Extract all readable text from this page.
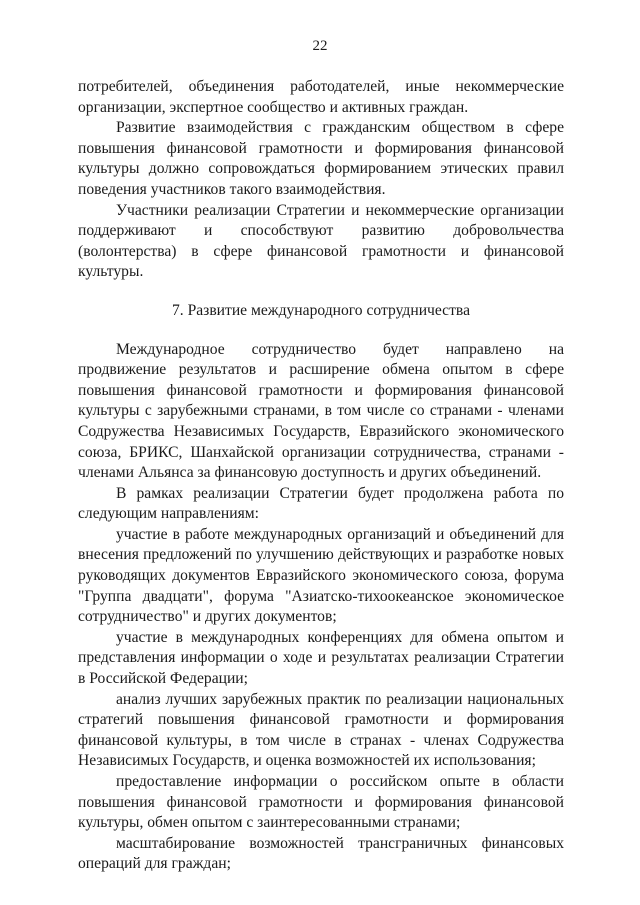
22

потребителей, объединения работодателей, иные некоммерческие организации, экспертное сообщество и активных граждан.

Развитие взаимодействия с гражданским обществом в сфере повышения финансовой грамотности и формирования финансовой культуры должно сопровождаться формированием этических правил поведения участников такого взаимодействия.

Участники реализации Стратегии и некоммерческие организации поддерживают и способствуют развитию добровольчества (волонтерства) в сфере финансовой грамотности и финансовой культуры.

7. Развитие международного сотрудничества

Международное сотрудничество будет направлено на продвижение результатов и расширение обмена опытом в сфере повышения финансовой грамотности и формирования финансовой культуры с зарубежными странами, в том числе со странами - членами Содружества Независимых Государств, Евразийского экономического союза, БРИКС, Шанхайской организации сотрудничества, странами - членами Альянса за финансовую доступность и других объединений.

В рамках реализации Стратегии будет продолжена работа по следующим направлениям:

участие в работе международных организаций и объединений для внесения предложений по улучшению действующих и разработке новых руководящих документов Евразийского экономического союза, форума "Группа двадцати", форума "Азиатско-тихоокеанское экономическое сотрудничество" и других документов;

участие в международных конференциях для обмена опытом и представления информации о ходе и результатах реализации Стратегии в Российской Федерации;

анализ лучших зарубежных практик по реализации национальных стратегий повышения финансовой грамотности и формирования финансовой культуры, в том числе в странах - членах Содружества Независимых Государств, и оценка возможностей их использования;

предоставление информации о российском опыте в области повышения финансовой грамотности и формирования финансовой культуры, обмен опытом с заинтересованными странами;

масштабирование возможностей трансграничных финансовых операций для граждан;
